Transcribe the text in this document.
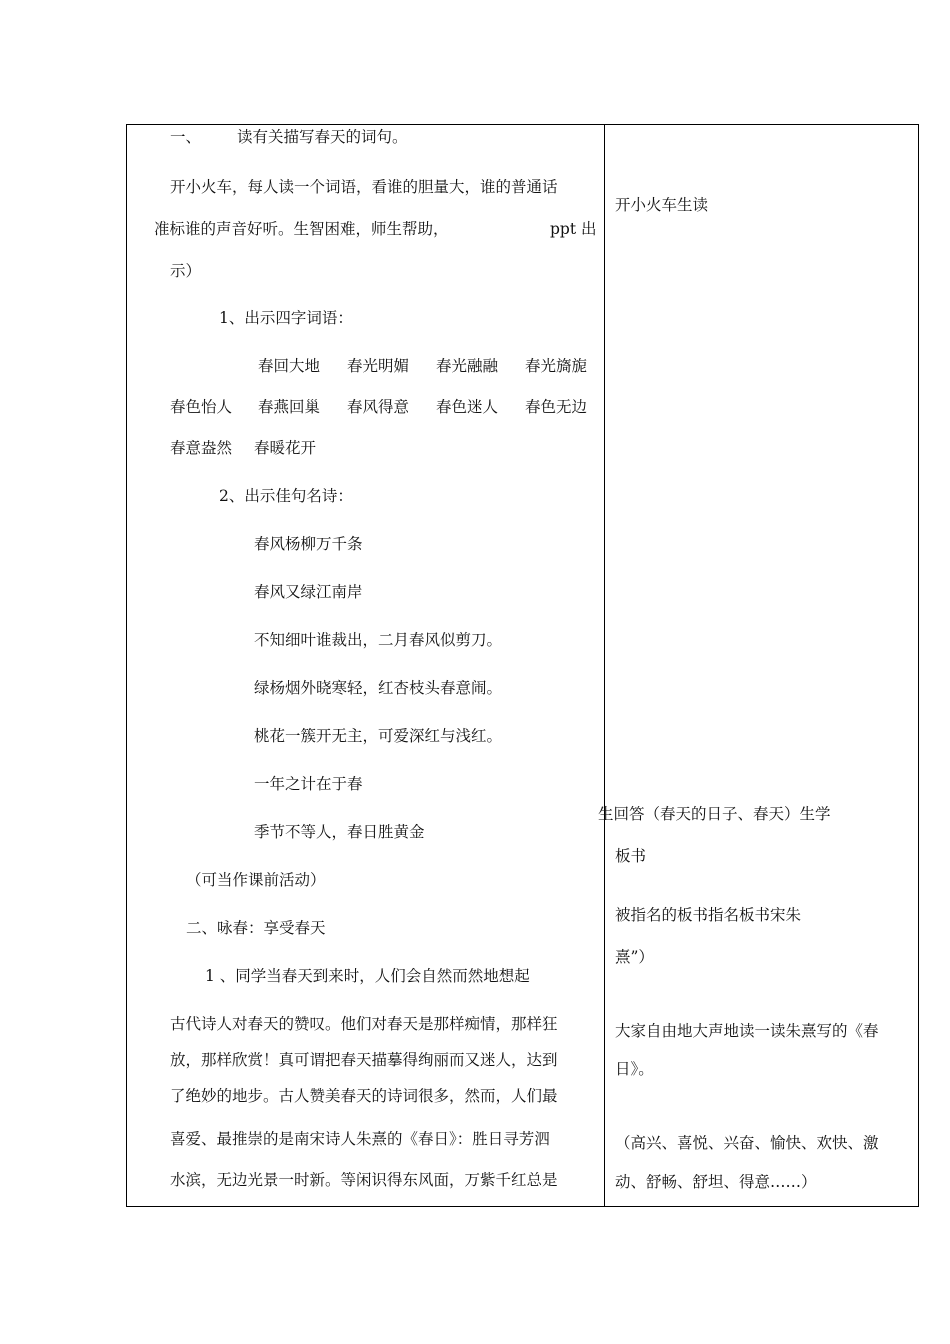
一、 读有关描写春天的词句。
开小火车，每人读一个词语，看谁的胆量大，谁的普通话
准标谁的声音好听。生智困难，师生帮助，	ppt 出
示）
1、出示四字词语：
春回大地 春光明媚 春光融融 春光旖旎
春色怡人 春燕回巢 春风得意 春色迷人 春色无边
春意盎然 春暖花开
2、出示佳句名诗：
春风杨柳万千条
春风又绿江南岸
不知细叶谁裁出，二月春风似剪刀。
绿杨烟外晓寒轻，红杏枝头春意闹。
桃花一簇开无主，可爱深红与浅红。
一年之计在于春
季节不等人，春日胜黄金
（可当作课前活动）
二、咏春：享受春天
1 、同学当春天到来时，人们会自然而然地想起
古代诗人对春天的赞叹。他们对春天是那样痴情，那样狂
放，那样欣赏！真可谓把春天描摹得绚丽而又迷人，达到
了绝妙的地步。古人赞美春天的诗词很多，然而，人们最
喜爱、最推崇的是南宋诗人朱熹的《春日》：胜日寻芳泗
水滨，无边光景一时新。等闲识得东风面，万紫千红总是
开小火车生读
生回答（春天的日子、春天）生学
板书
被指名的板书指名板书宋朱
熹”）
大家自由地大声地读一读朱熹写的《春
日》。
（高兴、喜悦、兴奋、愉快、欢快、激
动、舒畅、舒坦、得意……）
